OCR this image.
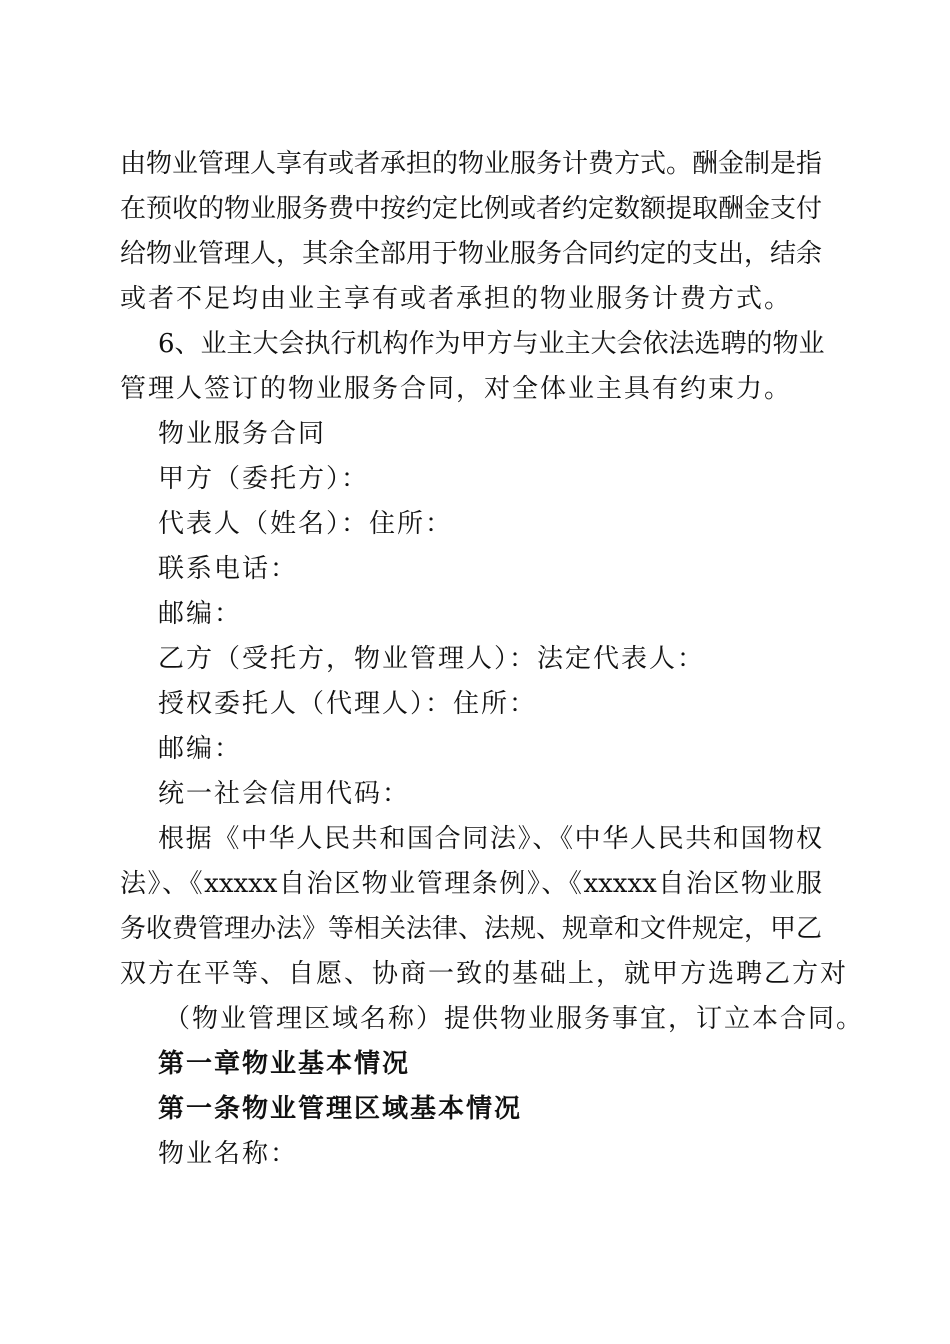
由物业管理人享有或者承担的物业服务计费方式。酬金制是指
在预收的物业服务费中按约定比例或者约定数额提取酬金支付
给物业管理人，其余全部用于物业服务合同约定的支出，结余
或者不足均由业主享有或者承担的物业服务计费方式。
6、业主大会执行机构作为甲方与业主大会依法选聘的物业
管理人签订的物业服务合同，对全体业主具有约束力。
物业服务合同
甲方（委托方）：
代表人（姓名）：住所：
联系电话：
邮编：
乙方（受托方，物业管理人）：法定代表人：
授权委托人（代理人）：住所：
邮编：
统一社会信用代码：
根据《中华人民共和国合同法》、《中华人民共和国物权
法》、《xxxxx自治区物业管理条例》、《xxxxx自治区物业服
务收费管理办法》等相关法律、法规、规章和文件规定，甲乙
双方在平等、自愿、协商一致的基础上，就甲方选聘乙方对
（物业管理区域名称）提供物业服务事宜，订立本合同。
第一章物业基本情况
第一条物业管理区域基本情况
物业名称：
